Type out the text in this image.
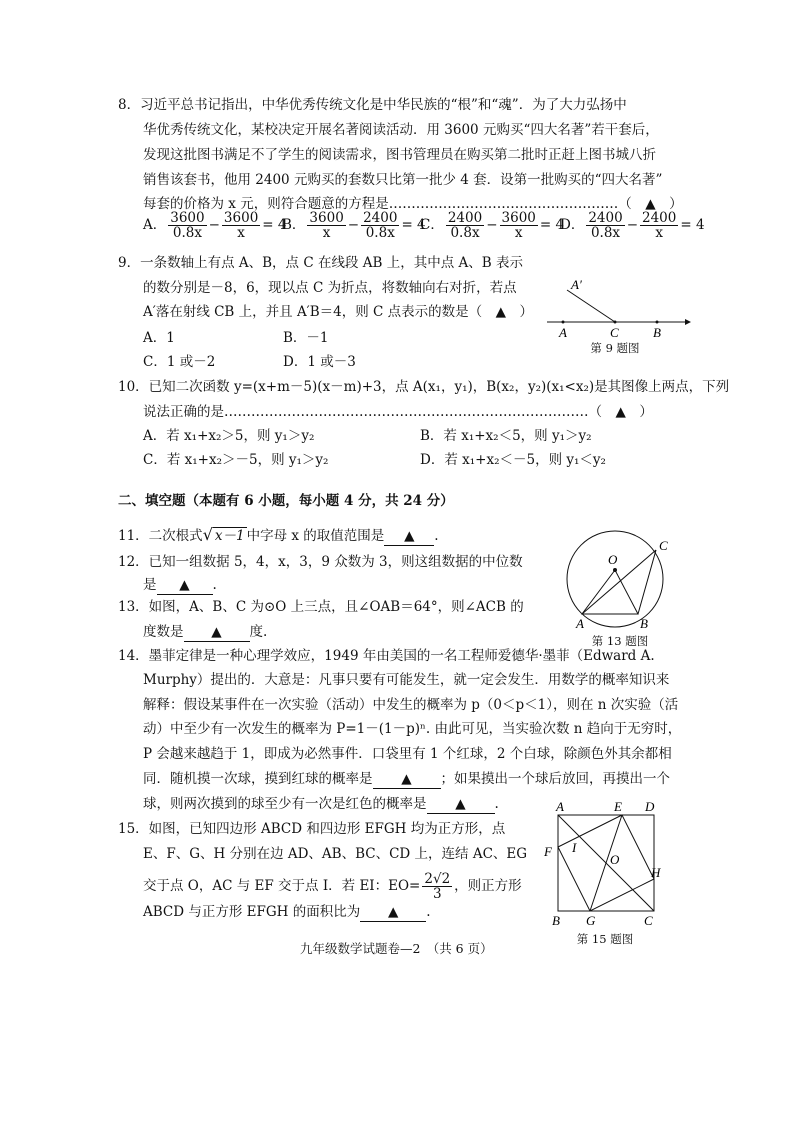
8．习近平总书记指出，中华优秀传统文化是中华民族的“根”和“魂”．为了大力弘扬中
华优秀传统文化，某校决定开展名著阅读活动．用 3600 元购买“四大名著”若干套后，
发现这批图书满足不了学生的阅读需求，图书管理员在购买第二批时正赶上图书城八折
销售该套书，他用 2400 元购买的套数只比第一批少 4 套．设第一批购买的“四大名著”
每套的价格为 x 元，则符合题意的方程是……………………………………………（　▲　）
A． $\frac{3600}{0.8x} - \frac{3600}{x} = 4$
B． $\frac{3600}{x} - \frac{2400}{0.8x} = 4$
C． $\frac{2400}{0.8x} - \frac{3600}{x} = 4$
D． $\frac{2400}{0.8x} - \frac{2400}{x} = 4$
9．一条数轴上有点 A、B，点 C 在线段 AB 上，其中点 A、B 表示
的数分别是－8，6，现以点 C 为折点，将数轴向右对折，若点
A′落在射线 CB 上，并且 A′B＝4，则 C 点表示的数是（　▲　）
A．1	B．－1
C．1 或－2	D．1 或－3
A′
A	C	B
第 9 题图
10．已知二次函数 y=(x+m－5)(x－m)+3，点 A(x₁，y₁)，B(x₂，y₂)(x₁<x₂)是其图像上两点，下列
说法正确的是………………………………………………………………………（　▲　）
A．若 x₁+x₂＞5，则 y₁＞y₂	B．若 x₁+x₂＜5，则 y₁＞y₂
C．若 x₁+x₂＞－5，则 y₁＞y₂	D．若 x₁+x₂＜－5，则 y₁＜y₂
二、填空题（本题有 6 小题，每小题 4 分，共 24 分）
11．二次根式√ x－1 中字母 x 的取值范围是 ▲ .
12．已知一组数据 5，4，x，3，9 众数为 3，则这组数据的中位数
是 ▲ .
13．如图，A、B、C 为⊙O 上三点，且∠OAB＝64°，则∠ACB 的
度数是 ▲ 度.
O
C
A	B
第 13 题图
14．墨菲定律是一种心理学效应，1949 年由美国的一名工程师爱德华·墨菲（Edward A.
Murphy）提出的．大意是：凡事只要有可能发生，就一定会发生．用数学的概率知识来
解释：假设某事件在一次实验（活动）中发生的概率为 p（0＜p＜1），则在 n 次实验（活
动）中至少有一次发生的概率为 P=1－(1－p)ⁿ. 由此可见，当实验次数 n 趋向于无穷时，
P 会越来越趋于 1，即成为必然事件．口袋里有 1 个红球，2 个白球，除颜色外其余都相
同．随机摸一次球，摸到红球的概率是 ▲ ；如果摸出一个球后放回，再摸出一个
球，则两次摸到的球至少有一次是红色的概率是 ▲ .
15．如图，已知四边形 ABCD 和四边形 EFGH 均为正方形，点
E、F、G、H 分别在边 AD、AB、BC、CD 上，连结 AC、EG
交于点 O，AC 与 EF 交于点 I．若 EI：$EO= \frac{2√2}{3}$ ，则正方形
ABCD 与正方形 EFGH 的面积比为 ▲ .
A	E D
F I
O
H
B G	C
第 15 题图
九年级数学试题卷—2　（共 6 页）
